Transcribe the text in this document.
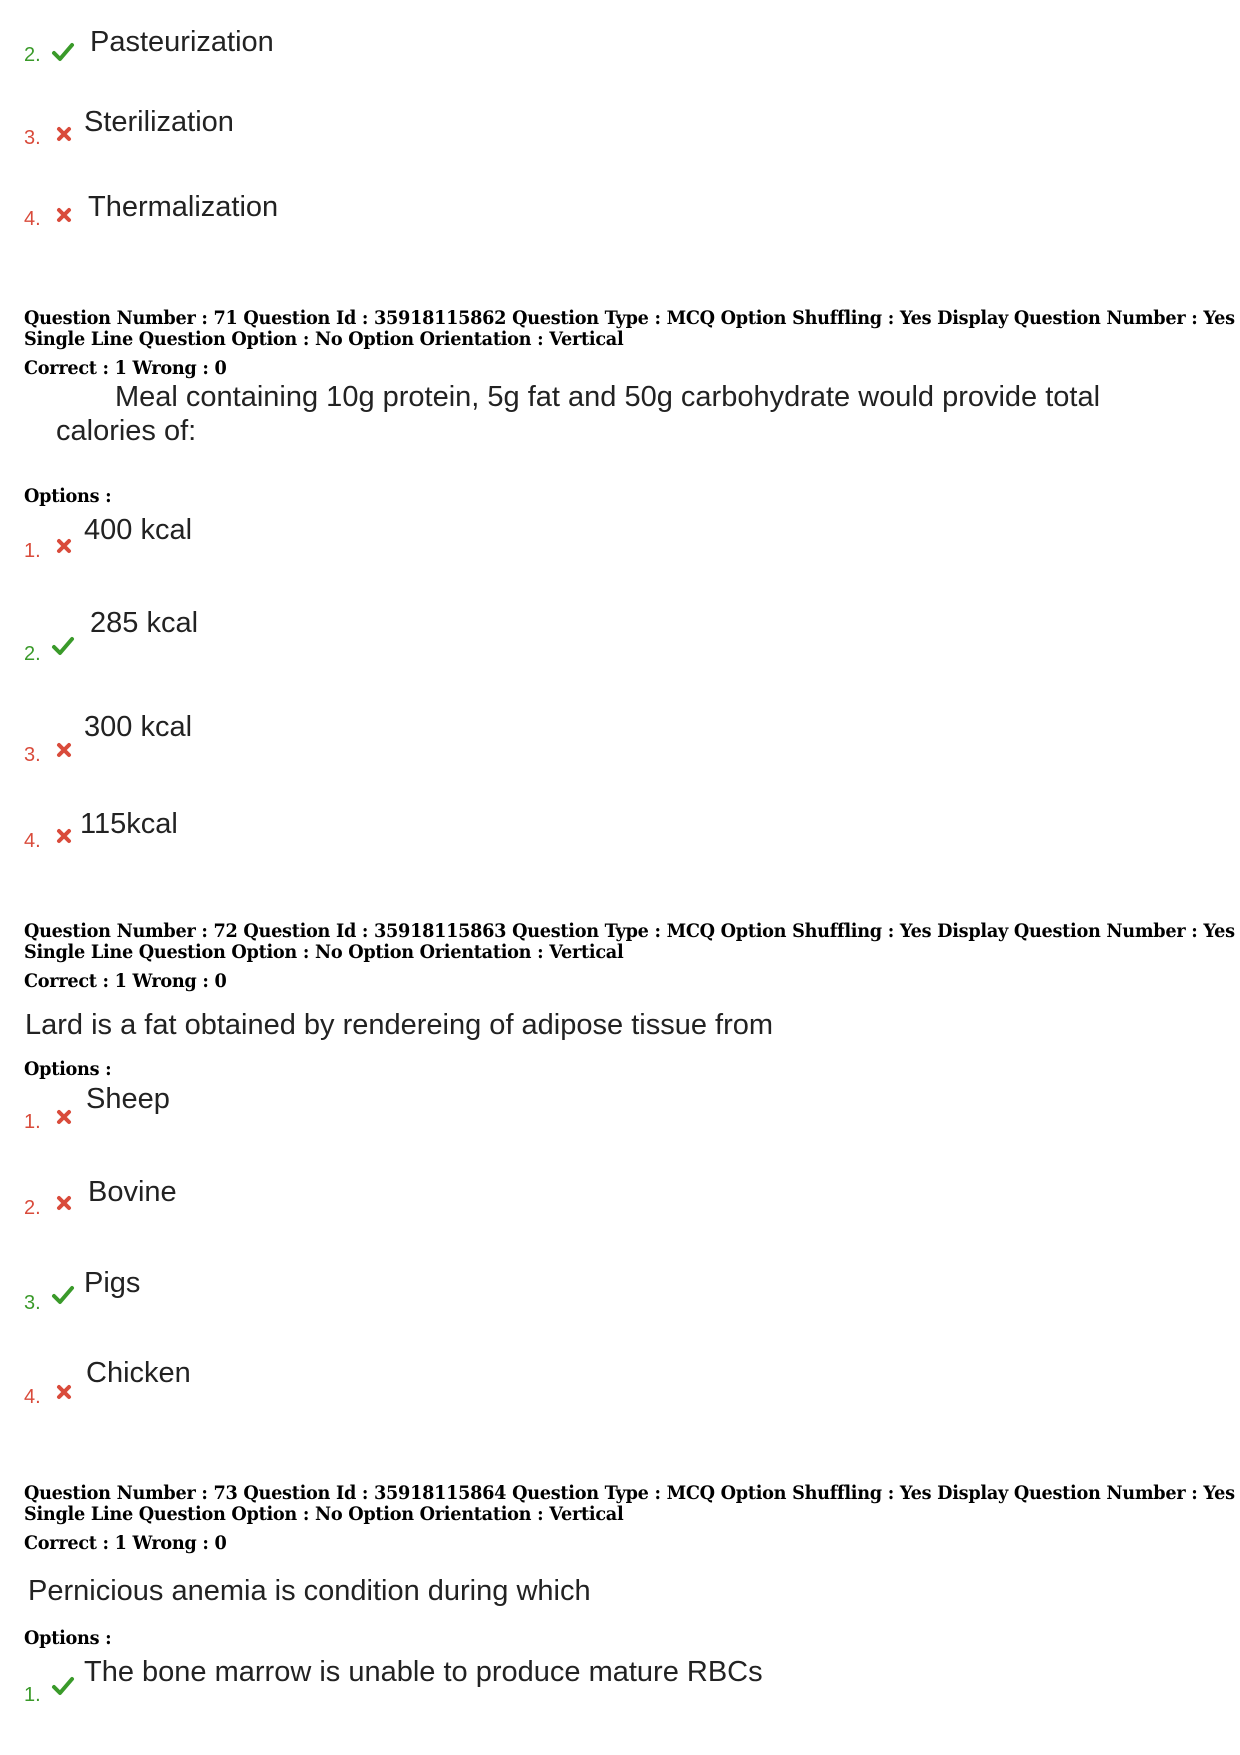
2. Pasteurization
3. Sterilization
4. Thermalization
Question Number : 71 Question Id : 35918115862 Question Type : MCQ Option Shuffling : Yes Display Question Number : Yes
Single Line Question Option : No Option Orientation : Vertical
Correct : 1 Wrong : 0
Meal containing 10g protein, 5g fat and 50g carbohydrate would provide total
calories of:
Options :
1.
400 kcal
2.
285 kcal
3.
300 kcal
4.
115kcal
Question Number : 72 Question Id : 35918115863 Question Type : MCQ Option Shuffling : Yes Display Question Number : Yes
Single Line Question Option : No Option Orientation : Vertical
Correct : 1 Wrong : 0
Lard is a fat obtained by rendereing of adipose tissue from
Options :
1.
Sheep
2. Bovine
3.
Pigs
4.
Chicken
Question Number : 73 Question Id : 35918115864 Question Type : MCQ Option Shuffling : Yes Display Question Number : Yes
Single Line Question Option : No Option Orientation : Vertical
Correct : 1 Wrong : 0
Pernicious anemia is condition during which
Options :
1.
The bone marrow is unable to produce mature RBCs
